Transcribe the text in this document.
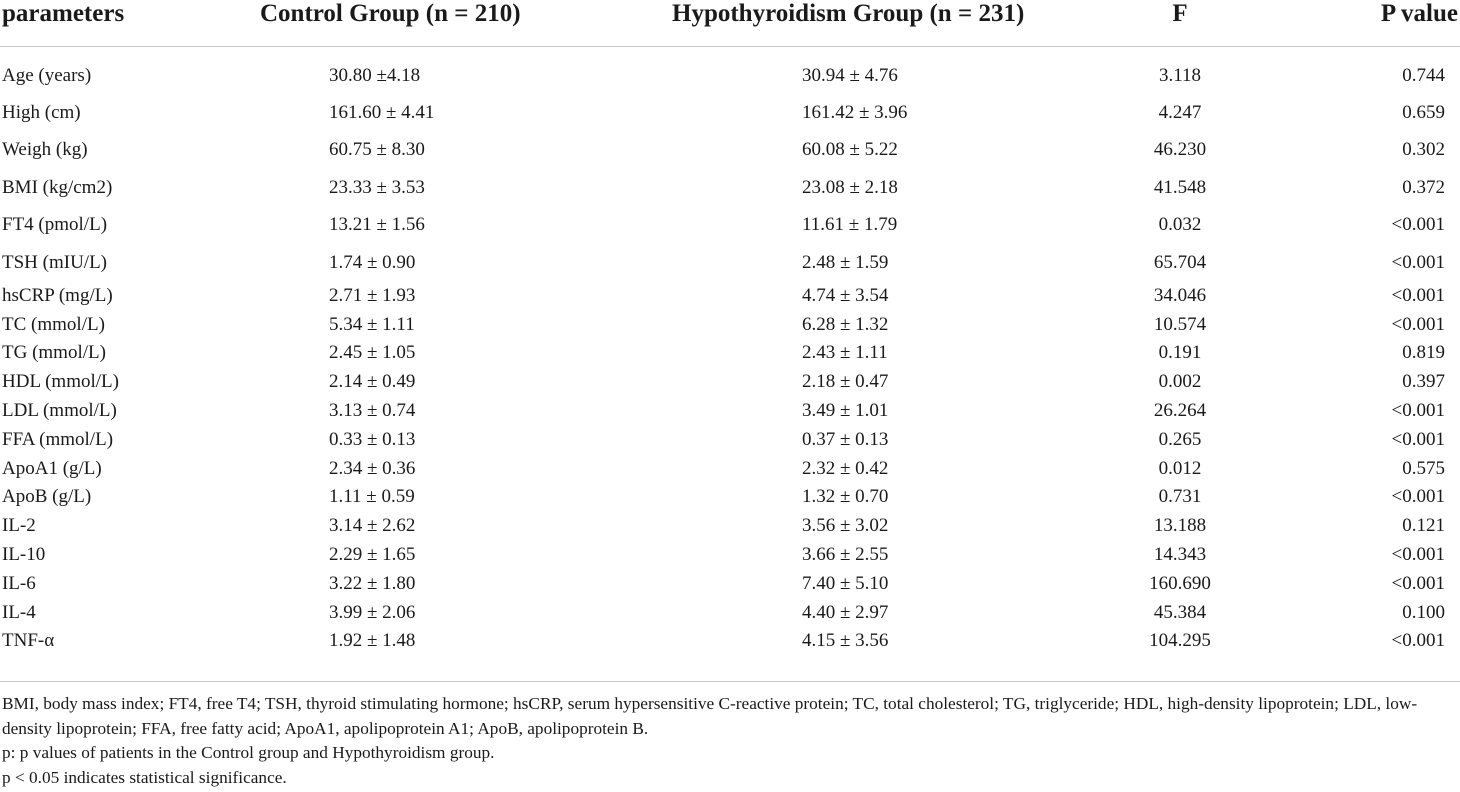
parameters	Control Group (n = 210)	Hypothyroidism Group (n = 231)	F	P value
Age (years)	30.80 ±4.18	30.94 ± 4.76	3.118	0.744
High (cm)	161.60 ± 4.41	161.42 ± 3.96	4.247	0.659
Weigh (kg)	60.75 ± 8.30	60.08 ± 5.22	46.230	0.302
BMI (kg/cm2)	23.33 ± 3.53	23.08 ± 2.18	41.548	0.372
FT4 (pmol/L)	13.21 ± 1.56	11.61 ± 1.79	0.032	<0.001
TSH (mIU/L)	1.74 ± 0.90	2.48 ± 1.59	65.704	<0.001
hsCRP (mg/L)	2.71 ± 1.93	4.74 ± 3.54	34.046	<0.001
TC (mmol/L)	5.34 ± 1.11	6.28 ± 1.32	10.574	<0.001
TG (mmol/L)	2.45 ± 1.05	2.43 ± 1.11	0.191	0.819
HDL (mmol/L)	2.14 ± 0.49	2.18 ± 0.47	0.002	0.397
LDL (mmol/L)	3.13 ± 0.74	3.49 ± 1.01	26.264	<0.001
FFA (mmol/L)	0.33 ± 0.13	0.37 ± 0.13	0.265	<0.001
ApoA1 (g/L)	2.34 ± 0.36	2.32 ± 0.42	0.012	0.575
ApoB (g/L)	1.11 ± 0.59	1.32 ± 0.70	0.731	<0.001
IL-2	3.14 ± 2.62	3.56 ± 3.02	13.188	0.121
IL-10	2.29 ± 1.65	3.66 ± 2.55	14.343	<0.001
IL-6	3.22 ± 1.80	7.40 ± 5.10	160.690	<0.001
IL-4	3.99 ± 2.06	4.40 ± 2.97	45.384	0.100
TNF-α	1.92 ± 1.48	4.15 ± 3.56	104.295	<0.001

BMI, body mass index; FT4, free T4; TSH, thyroid stimulating hormone; hsCRP, serum hypersensitive C-reactive protein; TC, total cholesterol; TG, triglyceride; HDL, high-density lipoprotein; LDL, low-density lipoprotein; FFA, free fatty acid; ApoA1, apolipoprotein A1; ApoB, apolipoprotein B.

p: p values of patients in the Control group and Hypothyroidism group.

p < 0.05 indicates statistical significance.
